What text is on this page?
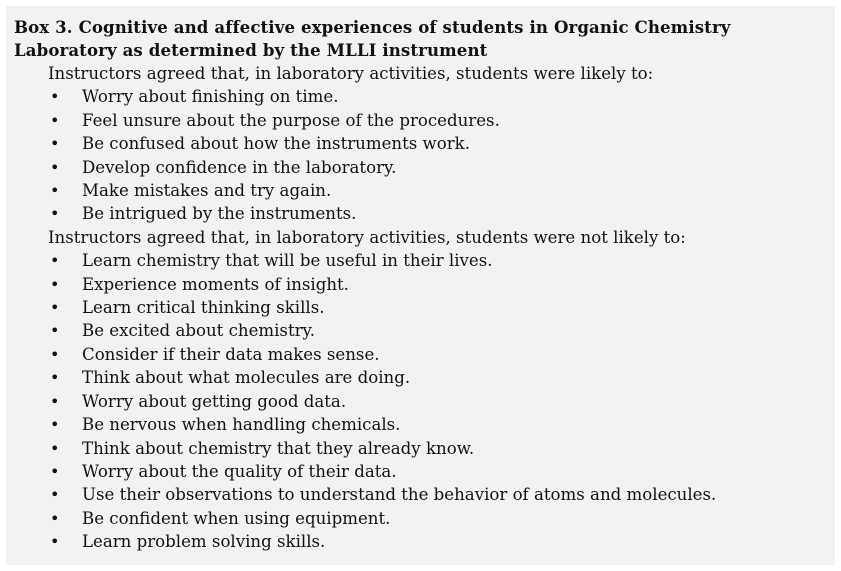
Box 3. Cognitive and affective experiences of students in Organic Chemistry
Laboratory as determined by the MLLI instrument

Instructors agreed that, in laboratory activities, students were likely to:

• Worry about finishing on time.
• Feel unsure about the purpose of the procedures.
• Be confused about how the instruments work.
• Develop confidence in the laboratory.
• Make mistakes and try again.
• Be intrigued by the instruments.

Instructors agreed that, in laboratory activities, students were not likely to:

• Learn chemistry that will be useful in their lives.
• Experience moments of insight.
• Learn critical thinking skills.
• Be excited about chemistry.
• Consider if their data makes sense.
• Think about what molecules are doing.
• Worry about getting good data.
• Be nervous when handling chemicals.
• Think about chemistry that they already know.
• Worry about the quality of their data.
• Use their observations to understand the behavior of atoms and molecules.
• Be confident when using equipment.
• Learn problem solving skills.
